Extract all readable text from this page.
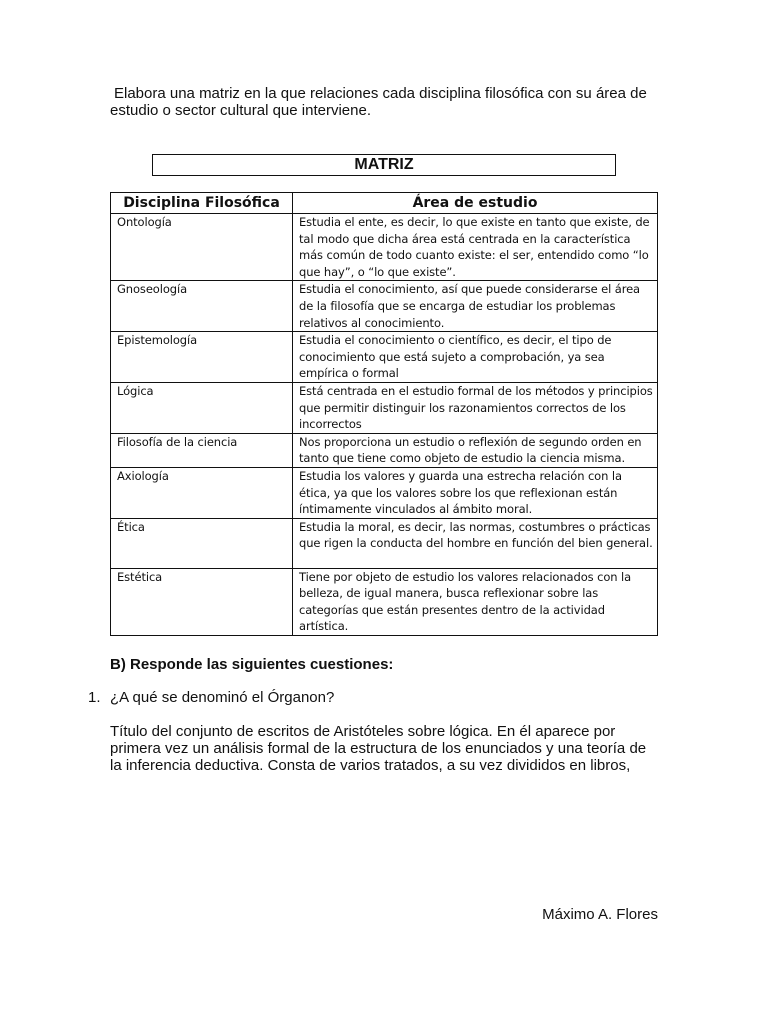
Elabora una matriz en la que relaciones cada disciplina filosófica con su área de estudio o sector cultural que interviene.
MATRIZ
Disciplina Filosófica	Área de estudio
Ontología	Estudia el ente, es decir, lo que existe en tanto que existe, de tal modo que dicha área está centrada en la característica más común de todo cuanto existe: el ser, entendido como “lo que hay”, o “lo que existe”.
Gnoseología	Estudia el conocimiento, así que puede considerarse el área de la filosofía que se encarga de estudiar los problemas relativos al conocimiento.
Epistemología	Estudia el conocimiento o científico, es decir, el tipo de conocimiento que está sujeto a comprobación, ya sea empírica o formal
Lógica	Está centrada en el estudio formal de los métodos y principios que permitir distinguir los razonamientos correctos de los incorrectos
Filosofía de la ciencia	Nos proporciona un estudio o reflexión de segundo orden en tanto que tiene como objeto de estudio la ciencia misma.
Axiología	Estudia los valores y guarda una estrecha relación con la ética, ya que los valores sobre los que reflexionan están íntimamente vinculados al ámbito moral.
Ética	Estudia la moral, es decir, las normas, costumbres o prácticas que rigen la conducta del hombre en función del bien general.
Estética	Tiene por objeto de estudio los valores relacionados con la belleza, de igual manera, busca reflexionar sobre las categorías que están presentes dentro de la actividad artística.
B) Responde las siguientes cuestiones:
1. ¿A qué se denominó el Órganon?
Título del conjunto de escritos de Aristóteles sobre lógica. En él aparece por primera vez un análisis formal de la estructura de los enunciados y una teoría de la inferencia deductiva. Consta de varios tratados, a su vez divididos en libros,
Máximo A. Flores
